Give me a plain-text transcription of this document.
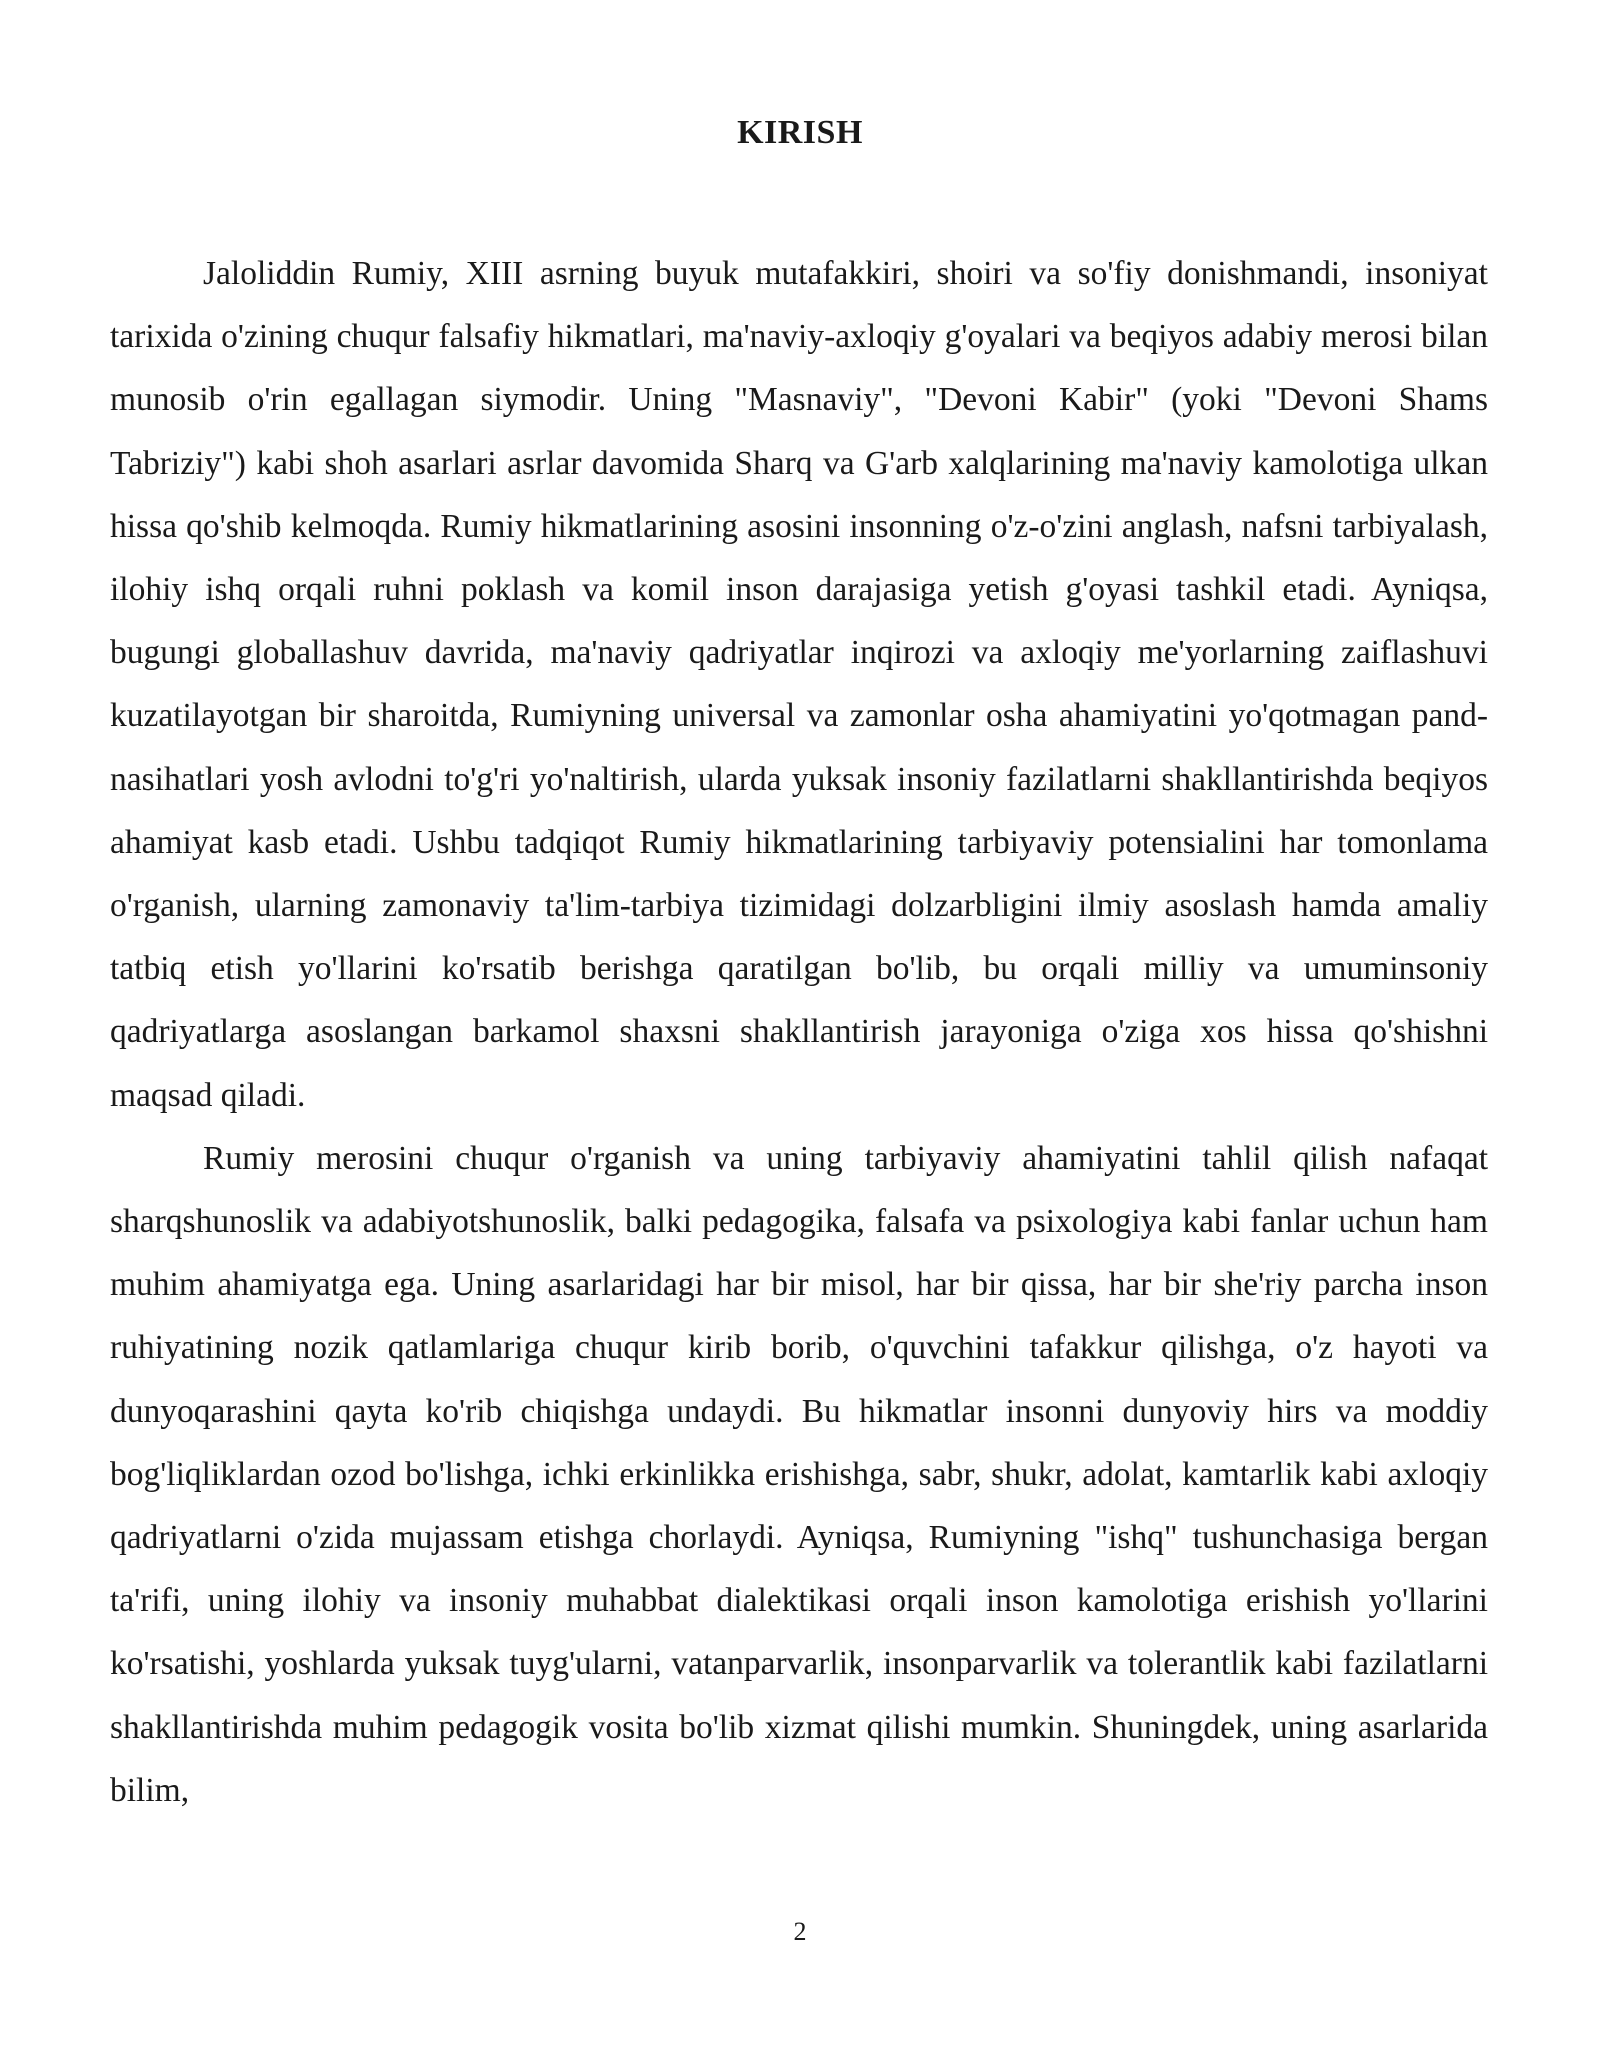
KIRISH

Jaloliddin Rumiy, XIII asrning buyuk mutafakkiri, shoiri va so'fiy donishmandi, insoniyat tarixida o'zining chuqur falsafiy hikmatlari, ma'naviy-axloqiy g'oyalari va beqiyos adabiy merosi bilan munosib o'rin egallagan siymodir. Uning "Masnaviy", "Devoni Kabir" (yoki "Devoni Shams Tabriziy") kabi shoh asarlari asrlar davomida Sharq va G'arb xalqlarining ma'naviy kamolotiga ulkan hissa qo'shib kelmoqda. Rumiy hikmatlarining asosini insonning o'z-o'zini anglash, nafsni tarbiyalash, ilohiy ishq orqali ruhni poklash va komil inson darajasiga yetish g'oyasi tashkil etadi. Ayniqsa, bugungi globallashuv davrida, ma'naviy qadriyatlar inqirozi va axloqiy me'yorlarning zaiflashuvi kuzatilayotgan bir sharoitda, Rumiyning universal va zamonlar osha ahamiyatini yo'qotmagan pand-nasihatlari yosh avlodni to'g'ri yo'naltirish, ularda yuksak insoniy fazilatlarni shakllantirishda beqiyos ahamiyat kasb etadi. Ushbu tadqiqot Rumiy hikmatlarining tarbiyaviy potensialini har tomonlama o'rganish, ularning zamonaviy ta'lim-tarbiya tizimidagi dolzarbligini ilmiy asoslash hamda amaliy tatbiq etish yo'llarini ko'rsatib berishga qaratilgan bo'lib, bu orqali milliy va umuminsoniy qadriyatlarga asoslangan barkamol shaxsni shakllantirish jarayoniga o'ziga xos hissa qo'shishni maqsad qiladi.

Rumiy merosini chuqur o'rganish va uning tarbiyaviy ahamiyatini tahlil qilish nafaqat sharqshunoslik va adabiyotshunoslik, balki pedagogika, falsafa va psixologiya kabi fanlar uchun ham muhim ahamiyatga ega. Uning asarlaridagi har bir misol, har bir qissa, har bir she'riy parcha inson ruhiyatining nozik qatlamlariga chuqur kirib borib, o'quvchini tafakkur qilishga, o'z hayoti va dunyoqarashini qayta ko'rib chiqishga undaydi. Bu hikmatlar insonni dunyoviy hirs va moddiy bog'liqliklardan ozod bo'lishga, ichki erkinlikka erishishga, sabr, shukr, adolat, kamtarlik kabi axloqiy qadriyatlarni o'zida mujassam etishga chorlaydi. Ayniqsa, Rumiyning "ishq" tushunchasiga bergan ta'rifi, uning ilohiy va insoniy muhabbat dialektikasi orqali inson kamolotiga erishish yo'llarini ko'rsatishi, yoshlarda yuksak tuyg'ularni, vatanparvarlik, insonparvarlik va tolerantlik kabi fazilatlarni shakllantirishda muhim pedagogik vosita bo'lib xizmat qilishi mumkin. Shuningdek, uning asarlarida bilim,

2
